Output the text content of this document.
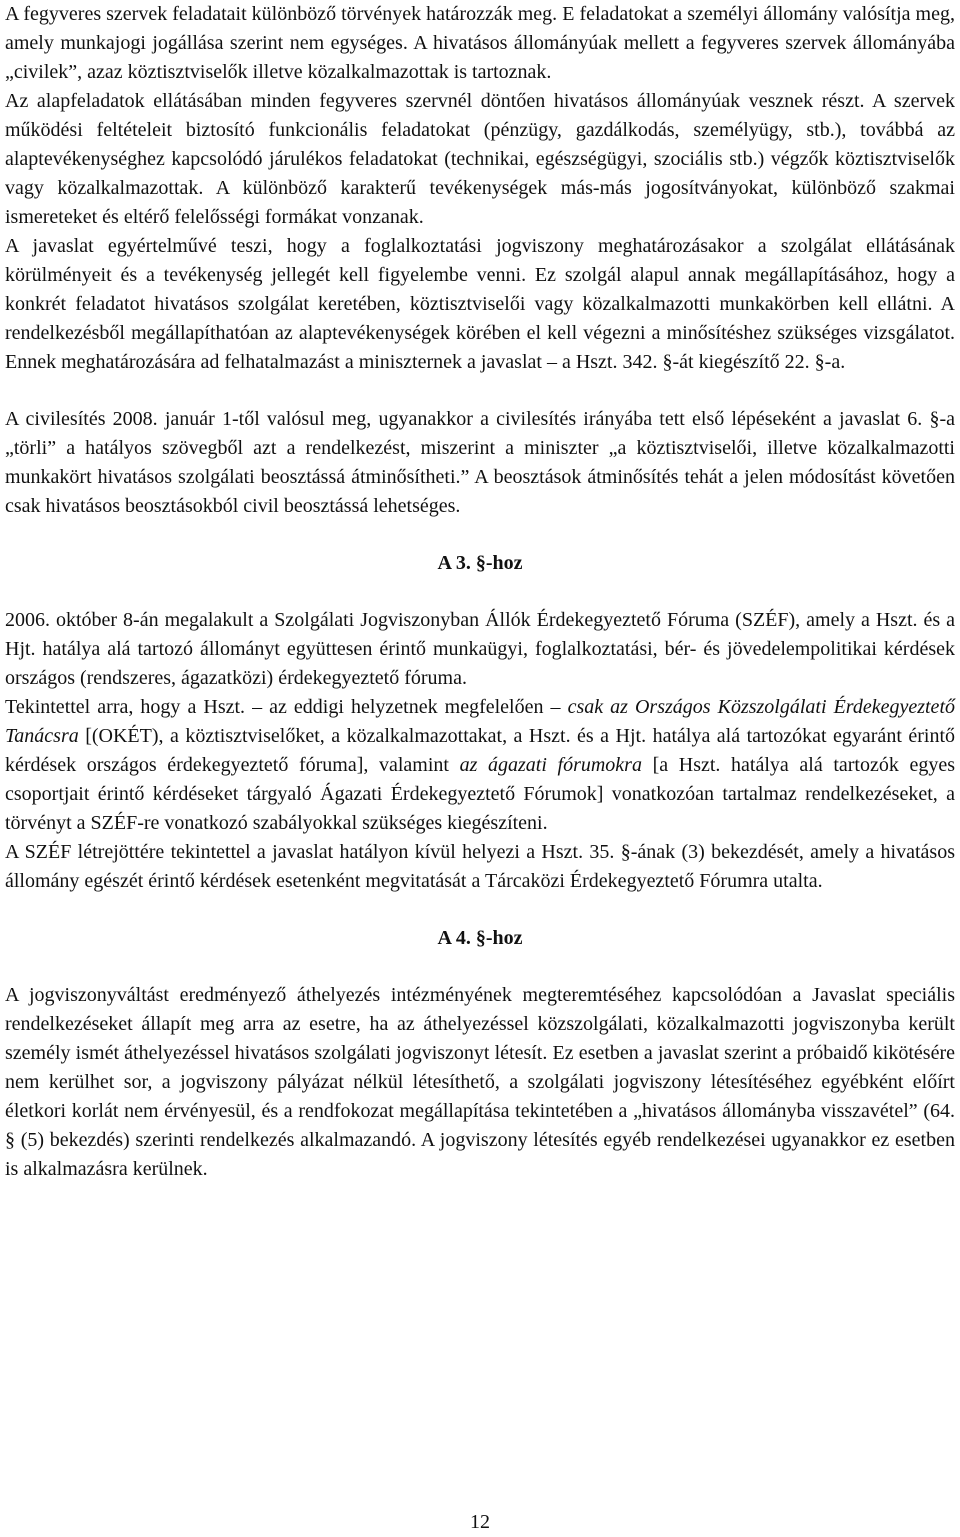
A fegyveres szervek feladatait különböző törvények határozzák meg. E feladatokat a személyi állomány valósítja meg, amely munkajogi jogállása szerint nem egységes. A hivatásos állományúak mellett a fegyveres szervek állományába „civilek”, azaz köztisztviselők illetve közalkalmazottak is tartoznak.

Az alapfeladatok ellátásában minden fegyveres szervnél döntően hivatásos állományúak vesznek részt. A szervek működési feltételeit biztosító funkcionális feladatokat (pénzügy, gazdálkodás, személyügy, stb.), továbbá az alaptevékenységhez kapcsolódó járulékos feladatokat (technikai, egészségügyi, szociális stb.) végzők köztisztviselők vagy közalkalmazottak. A különböző karakterű tevékenységek más-más jogosítványokat, különböző szakmai ismereteket és eltérő felelősségi formákat vonzanak.

A javaslat egyértelművé teszi, hogy a foglalkoztatási jogviszony meghatározásakor a szolgálat ellátásának körülményeit és a tevékenység jellegét kell figyelembe venni. Ez szolgál alapul annak megállapításához, hogy a konkrét feladatot hivatásos szolgálat keretében, köztisztviselői vagy közalkalmazotti munkakörben kell ellátni. A rendelkezésből megállapíthatóan az alaptevékenységek körében el kell végezni a minősítéshez szükséges vizsgálatot. Ennek meghatározására ad felhatalmazást a miniszternek a javaslat – a Hszt. 342. §-át kiegészítő 22. §-a.

A civilesítés 2008. január 1-től valósul meg, ugyanakkor a civilesítés irányába tett első lépéseként a javaslat 6. §-a „törli” a hatályos szövegből azt a rendelkezést, miszerint a miniszter „a köztisztviselői, illetve közalkalmazotti munkakört hivatásos szolgálati beosztássá átminősítheti.” A beosztások átminősítés tehát a jelen módosítást követően csak hivatásos beosztásokból civil beosztássá lehetséges.

A 3. §-hoz

2006. október 8-án megalakult a Szolgálati Jogviszonyban Állók Érdekegyeztető Fóruma (SZÉF), amely a Hszt. és a Hjt. hatálya alá tartozó állományt együttesen érintő munkaügyi, foglalkoztatási, bér- és jövedelempolitikai kérdések országos (rendszeres, ágazatközi) érdekegyeztető fóruma.

Tekintettel arra, hogy a Hszt. – az eddigi helyzetnek megfelelően – csak az Országos Közszolgálati Érdekegyeztető Tanácsra [(OKÉT), a köztisztviselőket, a közalkalmazottakat, a Hszt. és a Hjt. hatálya alá tartozókat egyaránt érintő kérdések országos érdekegyeztető fóruma], valamint az ágazati fórumokra [a Hszt. hatálya alá tartozók egyes csoportjait érintő kérdéseket tárgyaló Ágazati Érdekegyeztető Fórumok] vonatkozóan tartalmaz rendelkezéseket, a törvényt a SZÉF-re vonatkozó szabályokkal szükséges kiegészíteni.

A SZÉF létrejöttére tekintettel a javaslat hatályon kívül helyezi a Hszt. 35. §-ának (3) bekezdését, amely a hivatásos állomány egészét érintő kérdések esetenként megvitatását a Tárcaközi Érdekegyeztető Fórumra utalta.

A 4. §-hoz

A jogviszonyváltást eredményező áthelyezés intézményének megteremtéséhez kapcsolódóan a Javaslat speciális rendelkezéseket állapít meg arra az esetre, ha az áthelyezéssel közszolgálati, közalkalmazotti jogviszonyba került személy ismét áthelyezéssel hivatásos szolgálati jogviszonyt létesít. Ez esetben a javaslat szerint a próbaidő kikötésére nem kerülhet sor, a jogviszony pályázat nélkül létesíthető, a szolgálati jogviszony létesítéséhez egyébként előírt életkori korlát nem érvényesül, és a rendfokozat megállapítása tekintetében a „hivatásos állományba visszavétel” (64. § (5) bekezdés) szerinti rendelkezés alkalmazandó. A jogviszony létesítés egyéb rendelkezései ugyanakkor ez esetben is alkalmazásra kerülnek.

12
